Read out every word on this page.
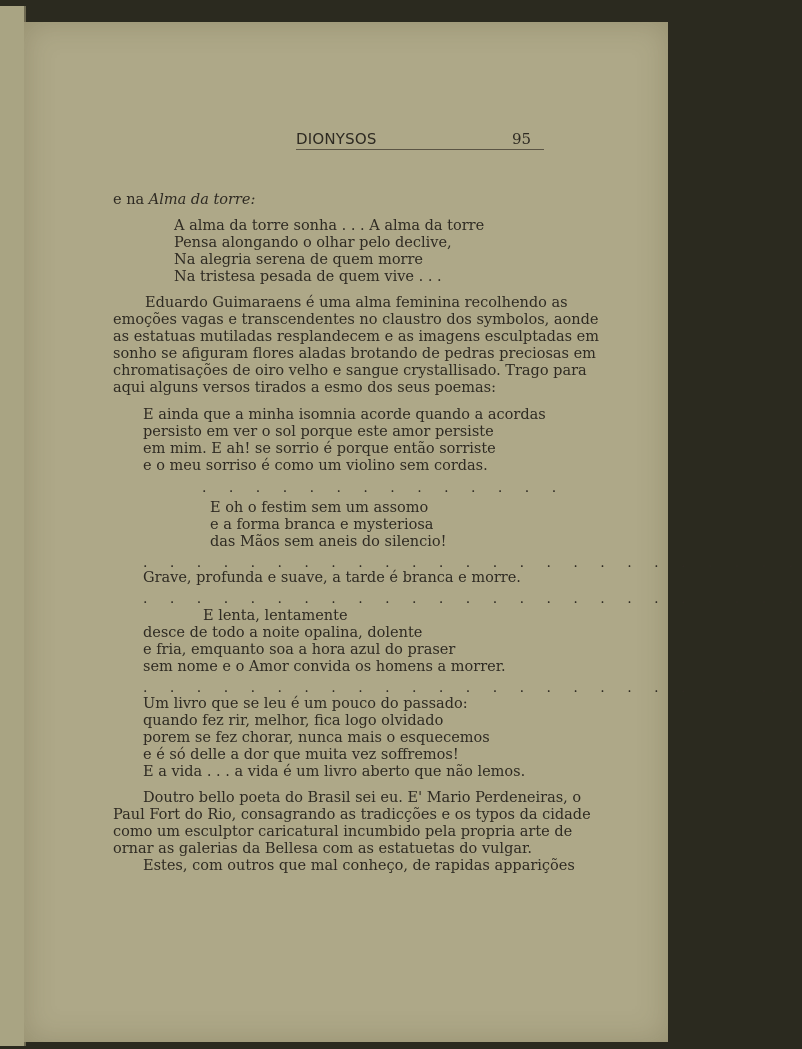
DIONYSOS	95
e na Alma da torre:
A alma da torre sonha . . . A alma da torre
Pensa alongando o olhar pelo declive,
Na alegria serena de quem morre
Na tristesa pesada de quem vive . . .
Eduardo Guimaraens é uma alma feminina recolhendo as
emoções vagas e transcendentes no claustro dos symbolos, aonde
as estatuas mutiladas resplandecem e as imagens esculptadas em
sonho se afiguram flores aladas brotando de pedras preciosas em
chromatisações de oiro velho e sangue crystallisado. Trago para
aqui alguns versos tirados a esmo dos seus poemas:
E ainda que a minha isomnia acorde quando a acordas
persisto em ver o sol porque este amor persiste
em mim. E ah! se sorrio é porque então sorriste
e o meu sorriso é como um violino sem cordas.
. . . . . . . . . . . . . .
E oh o festim sem um assomo
e a forma branca e mysteriosa
das Mãos sem aneis do silencio!
. . . . . . . . . . . . . . . . . . . . . . . . .
Grave, profunda e suave, a tarde é branca e morre.
. . . . . . . . . . . . . . . . . . . . . . . . .
E lenta, lentamente
desce de todo a noite opalina, dolente
e fria, emquanto soa a hora azul do praser
sem nome e o Amor convida os homens a morrer.
. . . . . . . . . . . . . . . . . . . . . . . . .
Um livro que se leu é um pouco do passado:
quando fez rir, melhor, fica logo olvidado
porem se fez chorar, nunca mais o esquecemos
e é só delle a dor que muita vez soffremos!
E a vida . . . a vida é um livro aberto que não lemos.
Doutro bello poeta do Brasil sei eu. E' Mario Perdeneiras, o
Paul Fort do Rio, consagrando as tradicções e os typos da cidade
como um esculptor caricatural incumbido pela propria arte de
ornar as galerias da Bellesa com as estatuetas do vulgar.
Estes, com outros que mal conheço, de rapidas apparições
